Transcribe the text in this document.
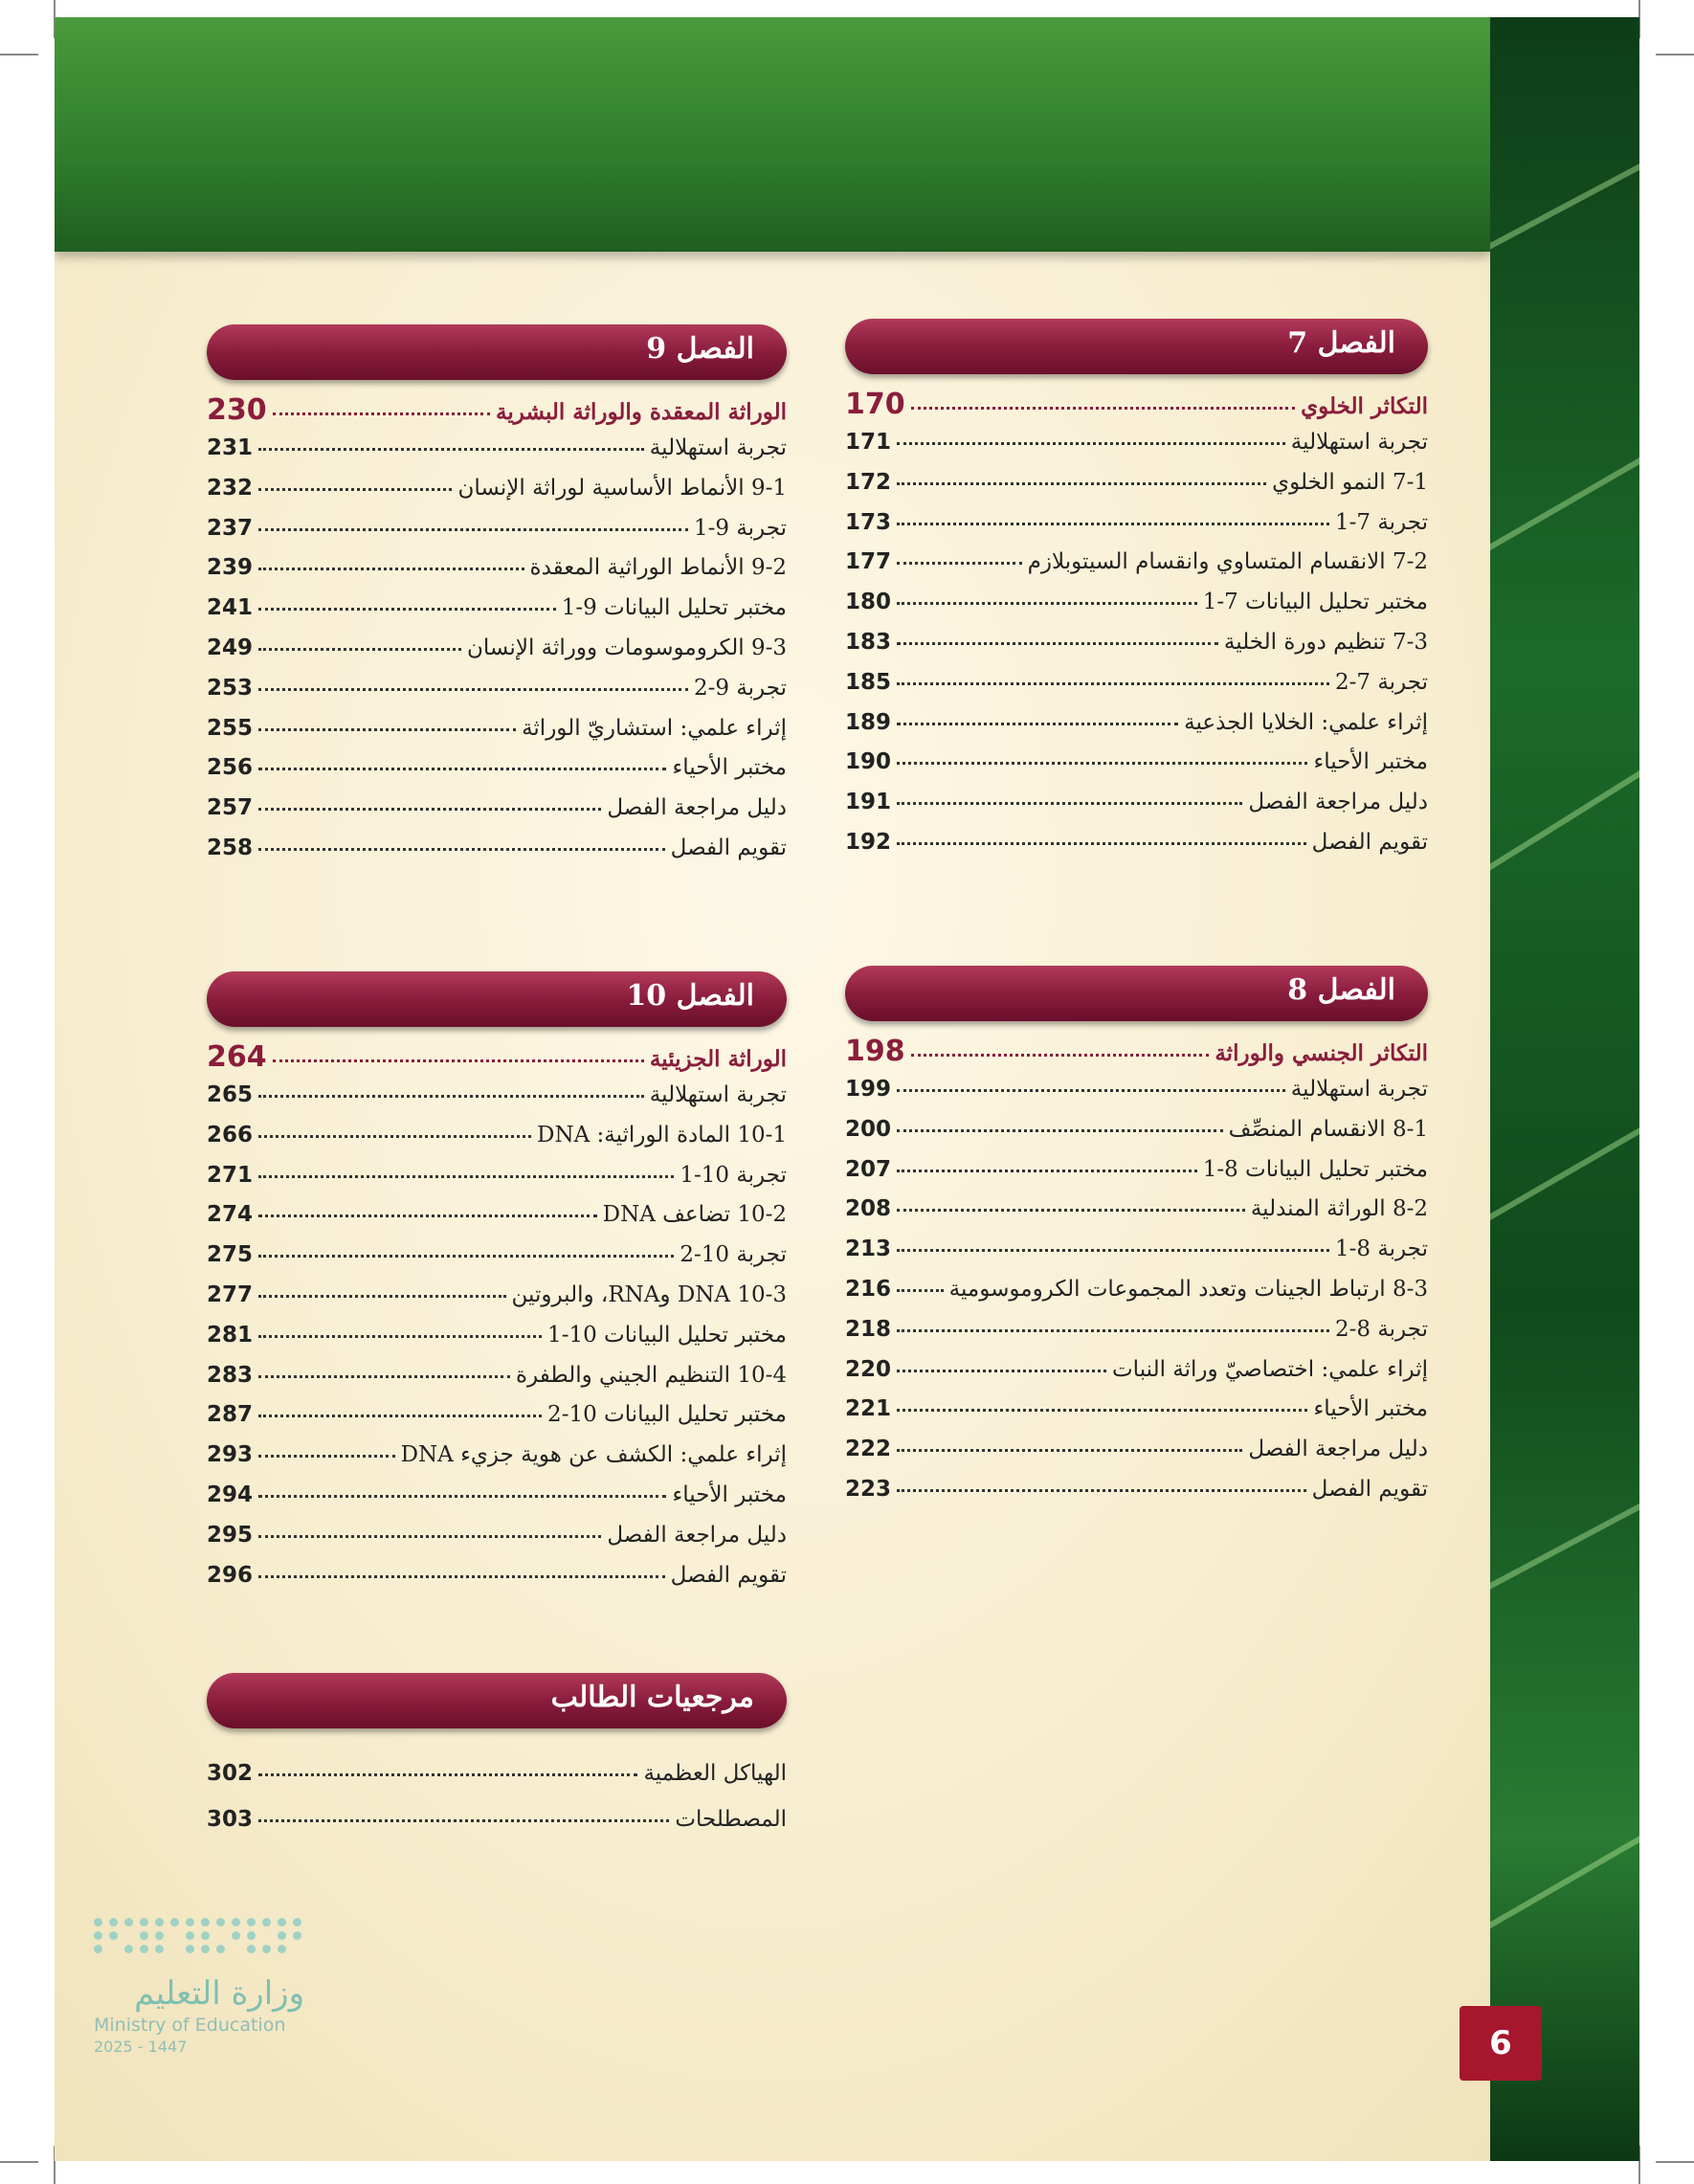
الفصل 7
التكاثر الخلوي
170
تجربة استهلالية
171
7-1 النمو الخلوي
172
تجربة 7-1
173
7-2 الانقسام المتساوي وانقسام السيتوبلازم
177
مختبر تحليل البيانات 7-1
180
7-3 تنظيم دورة الخلية
183
تجربة 7-2
185
إثراء علمي: الخلايا الجذعية
189
مختبر الأحياء
190
دليل مراجعة الفصل
191
تقويم الفصل
192
الفصل 8
التكاثر الجنسي والوراثة
198
تجربة استهلالية
199
8-1 الانقسام المنصِّف
200
مختبر تحليل البيانات 8-1
207
8-2 الوراثة المندلية
208
تجربة 8-1
213
8-3 ارتباط الجينات وتعدد المجموعات الكروموسومية
216
تجربة 8-2
218
إثراء علمي: اختصاصيّ وراثة النبات
220
مختبر الأحياء
221
دليل مراجعة الفصل
222
تقويم الفصل
223
الفصل 9
الوراثة المعقدة والوراثة البشرية
230
تجربة استهلالية
231
9-1 الأنماط الأساسية لوراثة الإنسان
232
تجربة 9-1
237
9-2 الأنماط الوراثية المعقدة
239
مختبر تحليل البيانات 9-1
241
9-3 الكروموسومات ووراثة الإنسان
249
تجربة 9-2
253
إثراء علمي: استشاريّ الوراثة
255
مختبر الأحياء
256
دليل مراجعة الفصل
257
تقويم الفصل
258
الفصل 10
الوراثة الجزيئية
264
تجربة استهلالية
265
10-1 المادة الوراثية: DNA
266
تجربة 10-1
271
10-2 تضاعف DNA
274
تجربة 10-2
275
10-3 DNA وRNA، والبروتين
277
مختبر تحليل البيانات 10-1
281
10-4 التنظيم الجيني والطفرة
283
مختبر تحليل البيانات 10-2
287
إثراء علمي: الكشف عن هوية جزيء DNA
293
مختبر الأحياء
294
دليل مراجعة الفصل
295
تقويم الفصل
296
مرجعيات الطالب
الهياكل العظمية
302
المصطلحات
303
وزارة التعليم
Ministry of Education
2025 - 1447	6
